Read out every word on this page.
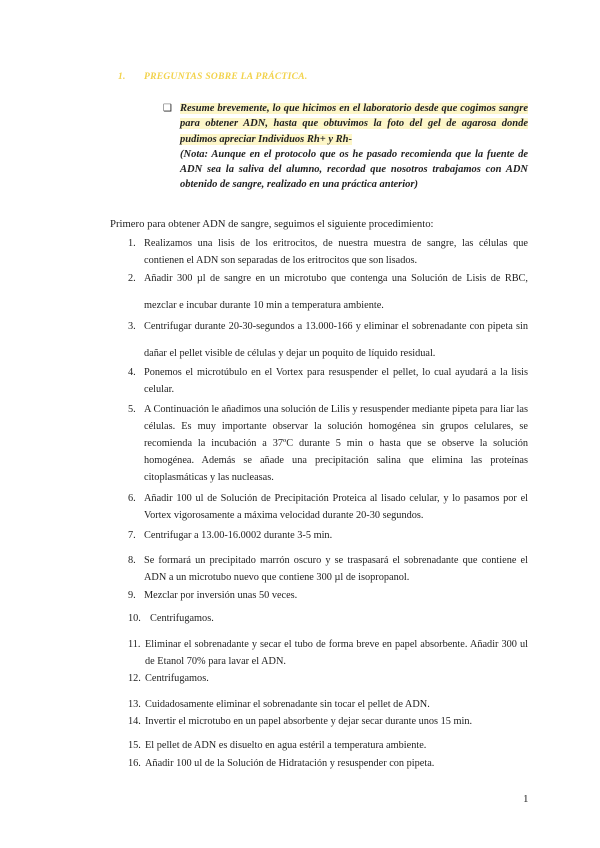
1. PREGUNTAS SOBRE LA PRÁCTICA.
❑ Resume brevemente, lo que hicimos en el laboratorio desde que cogimos sangre para obtener ADN, hasta que obtuvimos la foto del gel de agarosa donde pudimos apreciar Individuos Rh+ y Rh-

(Nota: Aunque en el protocolo que os he pasado recomienda que la fuente de ADN sea la saliva del alumno, recordad que nosotros trabajamos con ADN obtenido de sangre, realizado en una práctica anterior)

Primero para obtener ADN de sangre, seguimos el siguiente procedimiento:
1. Realizamos una lisis de los eritrocitos, de nuestra muestra de sangre, las células que contienen el ADN son separadas de los eritrocitos que son lisados.
2. Añadir 300 µl de sangre en un microtubo que contenga una Solución de Lisis de RBC, mezclar e incubar durante 10 min a temperatura ambiente.
3. Centrifugar durante 20-30-segundos a 13.000-166 y eliminar el sobrenadante con pipeta sin dañar el pellet visible de células y dejar un poquito de líquido residual.
4. Ponemos el microtúbulo en el Vortex para resuspender el pellet, lo cual ayudará a la lisis celular.
5. A Continuación le añadimos una solución de Lilis y resuspender mediante pipeta para liar las células. Es muy importante observar la solución homogénea sin grupos celulares, se recomienda la incubación a 37ºC durante 5 min o hasta que se observe la solución homogénea. Además se añade una precipitación salina que elimina las proteínas citoplasmáticas y las nucleasas.
6. Añadir 100 ul de Solución de Precipitación Proteica al lisado celular, y lo pasamos por el Vortex vigorosamente a máxima velocidad durante 20-30 segundos.
7. Centrifugar a 13.00-16.0002 durante 3-5 min.
8. Se formará un precipitado marrón oscuro y se traspasará el sobrenadante que contiene el ADN a un microtubo nuevo que contiene 300 µl de isopropanol.
9. Mezclar por inversión unas 50 veces.
10. Centrifugamos.
11. Eliminar el sobrenadante y secar el tubo de forma breve en papel absorbente. Añadir 300 ul de Etanol 70% para lavar el ADN.
12. Centrifugamos.
13. Cuidadosamente eliminar el sobrenadante sin tocar el pellet de ADN.
14. Invertir el microtubo en un papel absorbente y dejar secar durante unos 15 min.
15. El pellet de ADN es disuelto en agua estéril a temperatura ambiente.
16. Añadir 100 ul de la Solución de Hidratación y resuspender con pipeta.
1
